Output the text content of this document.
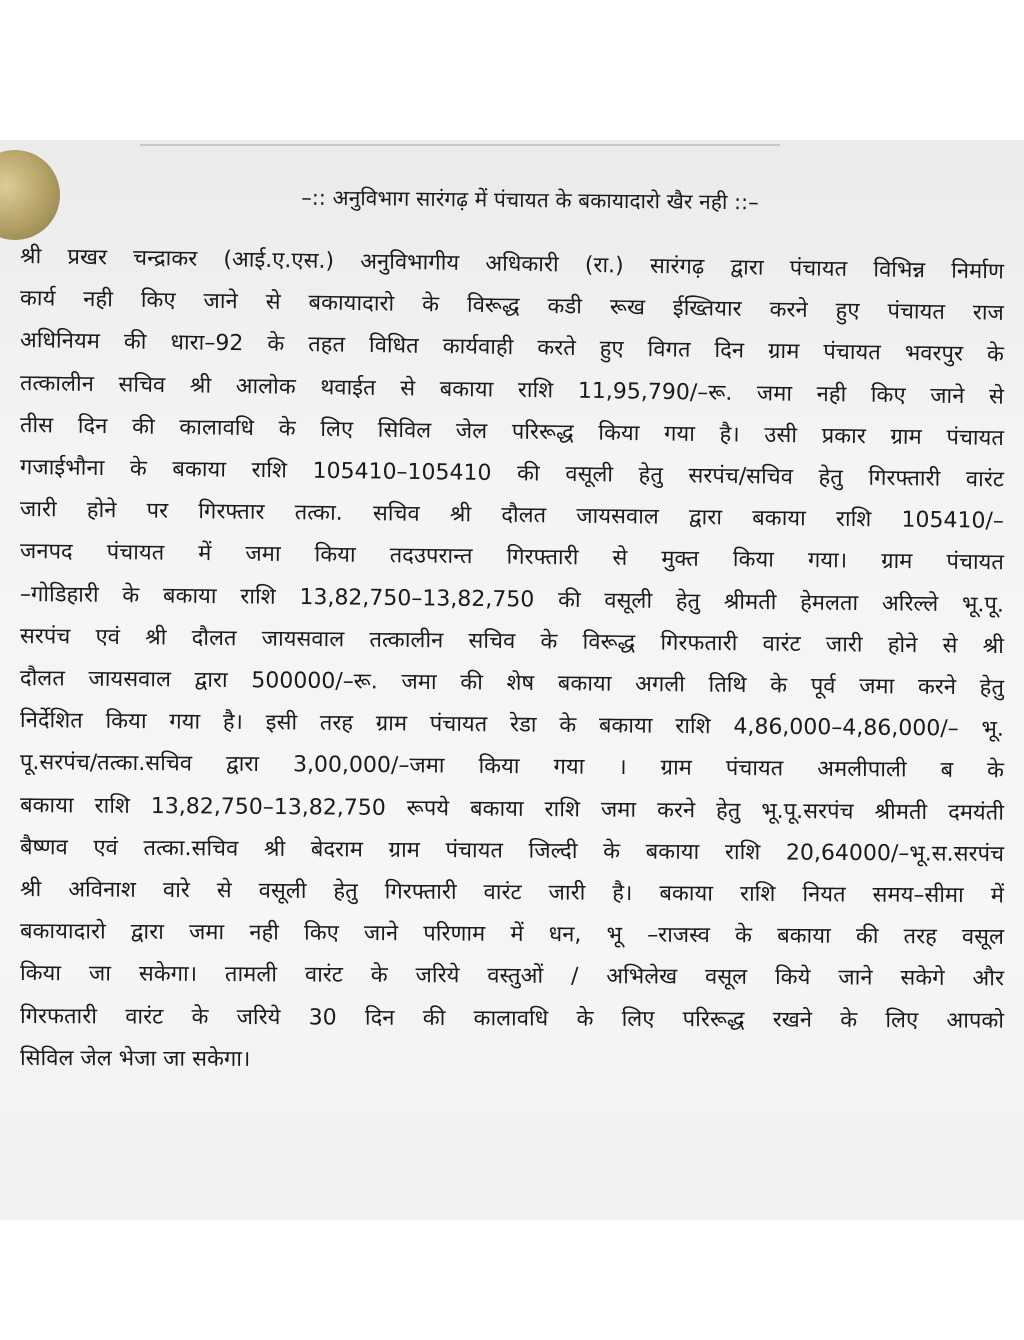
–:: अनुविभाग सारंगढ़ में पंचायत के बकायादारो खैर नही ::–
श्री प्रखर चन्द्राकर (आई.ए.एस.) अनुविभागीय अधिकारी (रा.) सारंगढ़ द्वारा पंचायत विभिन्न निर्माण
कार्य नही किए जाने से बकायादारो के विरूद्ध कडी रूख ईख्तियार करने हुए पंचायत राज
अधिनियम की धारा–92 के तहत विधित कार्यवाही करते हुए विगत दिन ग्राम पंचायत भवरपुर के
तत्कालीन सचिव श्री आलोक थवाईत से बकाया राशि 11,95,790/–रू. जमा नही किए जाने से
तीस दिन की कालावधि के लिए सिविल जेल परिरूद्ध किया गया है। उसी प्रकार ग्राम पंचायत
गजाईभौना के बकाया राशि 105410–105410 की वसूली हेतु सरपंच/सचिव हेतु गिरफ्तारी वारंट
जारी होने पर गिरफ्तार तत्का. सचिव श्री दौलत जायसवाल द्वारा बकाया राशि 105410/–
जनपद पंचायत में जमा किया तदउपरान्त गिरफ्तारी से मुक्त किया गया। ग्राम पंचायत
–गोडिहारी के बकाया राशि 13,82,750–13,82,750 की वसूली हेतु श्रीमती हेमलता अरिल्ले भू.पू.
सरपंच एवं श्री दौलत जायसवाल तत्कालीन सचिव के विरूद्ध गिरफतारी वारंट जारी होने से श्री
दौलत जायसवाल द्वारा 500000/–रू. जमा की शेष बकाया अगली तिथि के पूर्व जमा करने हेतु
निर्देशित किया गया है। इसी तरह ग्राम पंचायत रेडा के बकाया राशि 4,86,000–4,86,000/– भू.
पू.सरपंच/तत्का.सचिव द्वारा 3,00,000/–जमा किया गया । ग्राम पंचायत अमलीपाली ब के
बकाया राशि 13,82,750–13,82,750 रूपये बकाया राशि जमा करने हेतु भू.पू.सरपंच श्रीमती दमयंती
बैष्णव एवं तत्का.सचिव श्री बेदराम ग्राम पंचायत जिल्दी के बकाया राशि 20,64000/–भू.स.सरपंच
श्री अविनाश वारे से वसूली हेतु गिरफ्तारी वारंट जारी है। बकाया राशि नियत समय–सीमा में
बकायादारो द्वारा जमा नही किए जाने परिणाम में धन, भू –राजस्व के बकाया की तरह वसूल
किया जा सकेगा। तामली वारंट के जरिये वस्तुओं / अभिलेख वसूल किये जाने सकेगे और
गिरफतारी वारंट के जरिये 30 दिन की कालावधि के लिए परिरूद्ध रखने के लिए आपको
सिविल जेल भेजा जा सकेगा।
